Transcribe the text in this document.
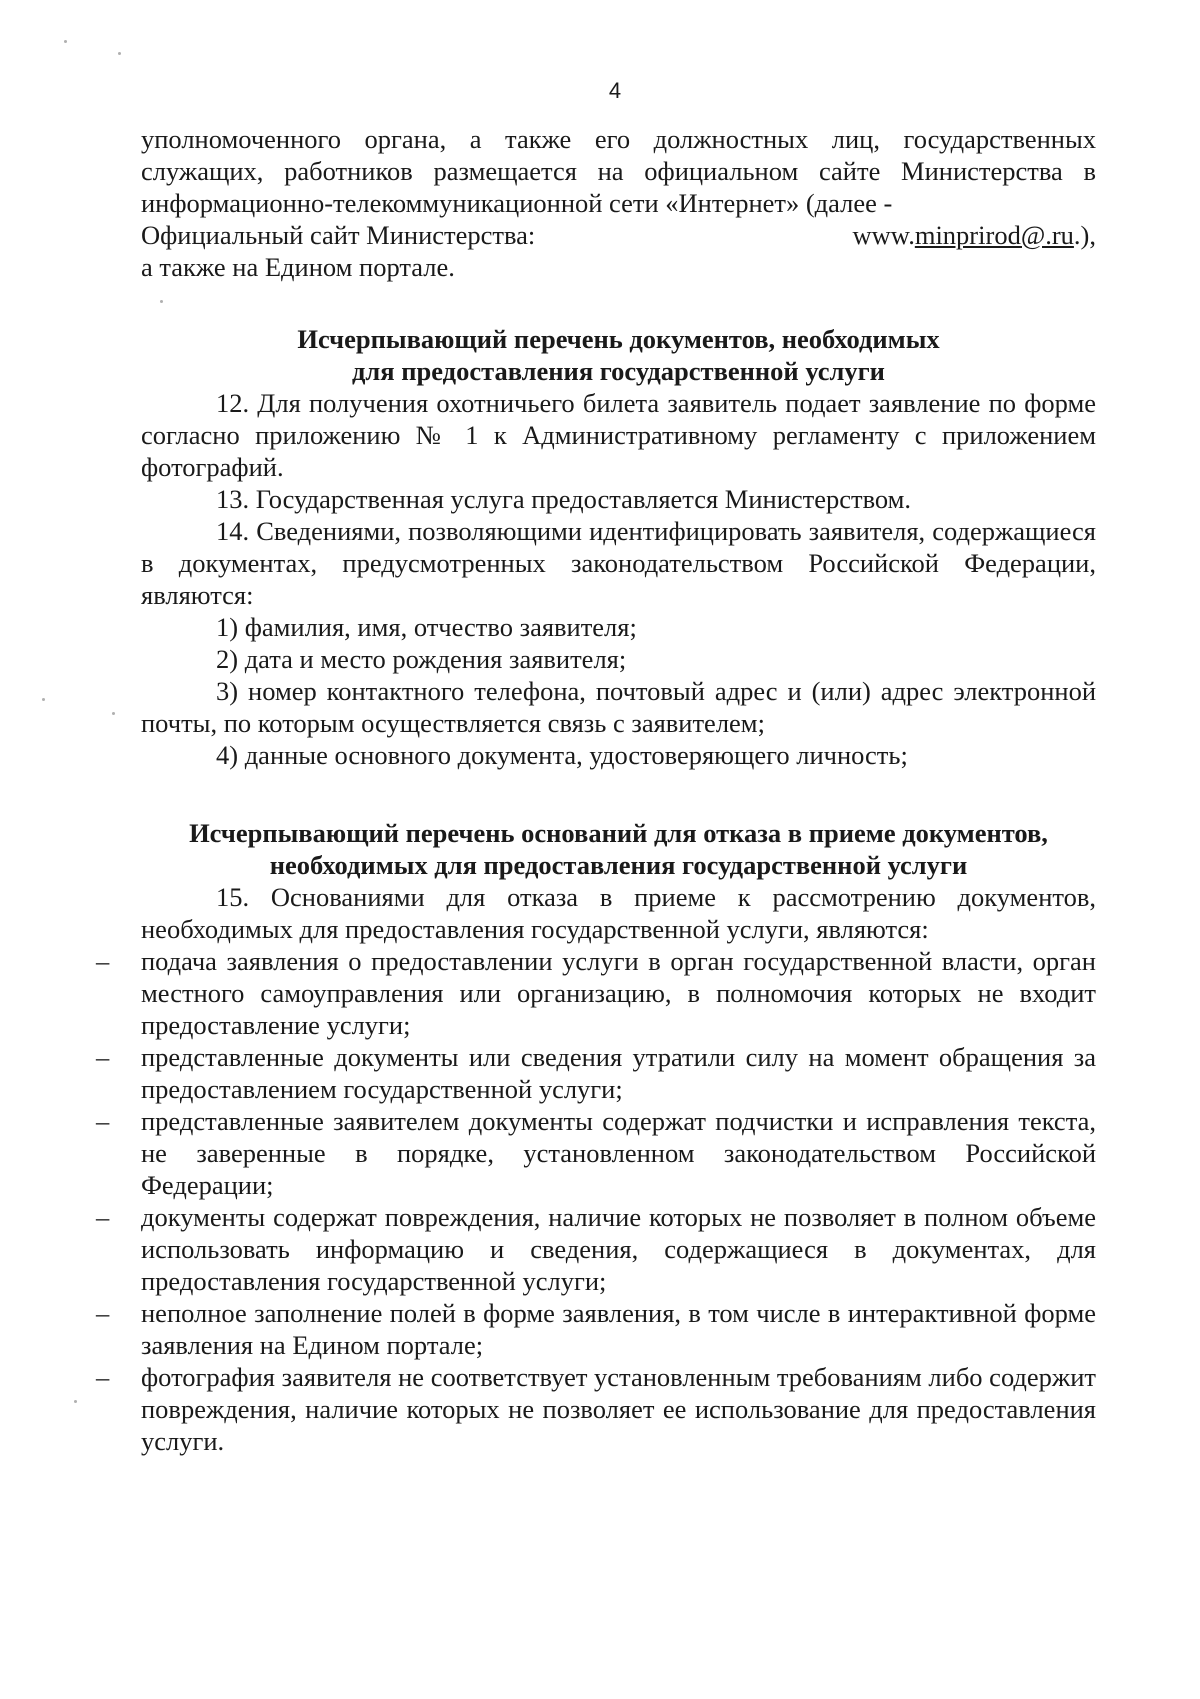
4

уполномоченного органа, а также его должностных лиц, государственных служащих, работников размещается на официальном сайте Министерства в информационно-телекоммуникационной сети «Интернет» (далее -

Официальный сайт Министерства:	www.minprirod@.ru.),

а также на Едином портале.

Исчерпывающий перечень документов, необходимых
для предоставления государственной услуги

12. Для получения охотничьего билета заявитель подает заявление по форме согласно приложению № 1 к Административному регламенту с приложением фотографий.

13. Государственная услуга предоставляется Министерством.

14. Сведениями, позволяющими идентифицировать заявителя, содержащиеся в документах, предусмотренных законодательством Российской Федерации, являются:

1) фамилия, имя, отчество заявителя;

2) дата и место рождения заявителя;

3) номер контактного телефона, почтовый адрес и (или) адрес электронной почты, по которым осуществляется связь с заявителем;

4) данные основного документа, удостоверяющего личность;

Исчерпывающий перечень оснований для отказа в приеме документов,
необходимых для предоставления государственной услуги

15. Основаниями для отказа в приеме к рассмотрению документов, необходимых для предоставления государственной услуги, являются:

– подача заявления о предоставлении услуги в орган государственной власти, орган местного самоуправления или организацию, в полномочия которых не входит предоставление услуги;
– представленные документы или сведения утратили силу на момент обращения за предоставлением государственной услуги;
– представленные заявителем документы содержат подчистки и исправления текста, не заверенные в порядке, установленном законодательством Российской Федерации;
– документы содержат повреждения, наличие которых не позволяет в полном объеме использовать информацию и сведения, содержащиеся в документах, для предоставления государственной услуги;
– неполное заполнение полей в форме заявления, в том числе в интерактивной форме заявления на Едином портале;
– фотография заявителя не соответствует установленным требованиям либо содержит повреждения, наличие которых не позволяет ее использование для предоставления услуги.
